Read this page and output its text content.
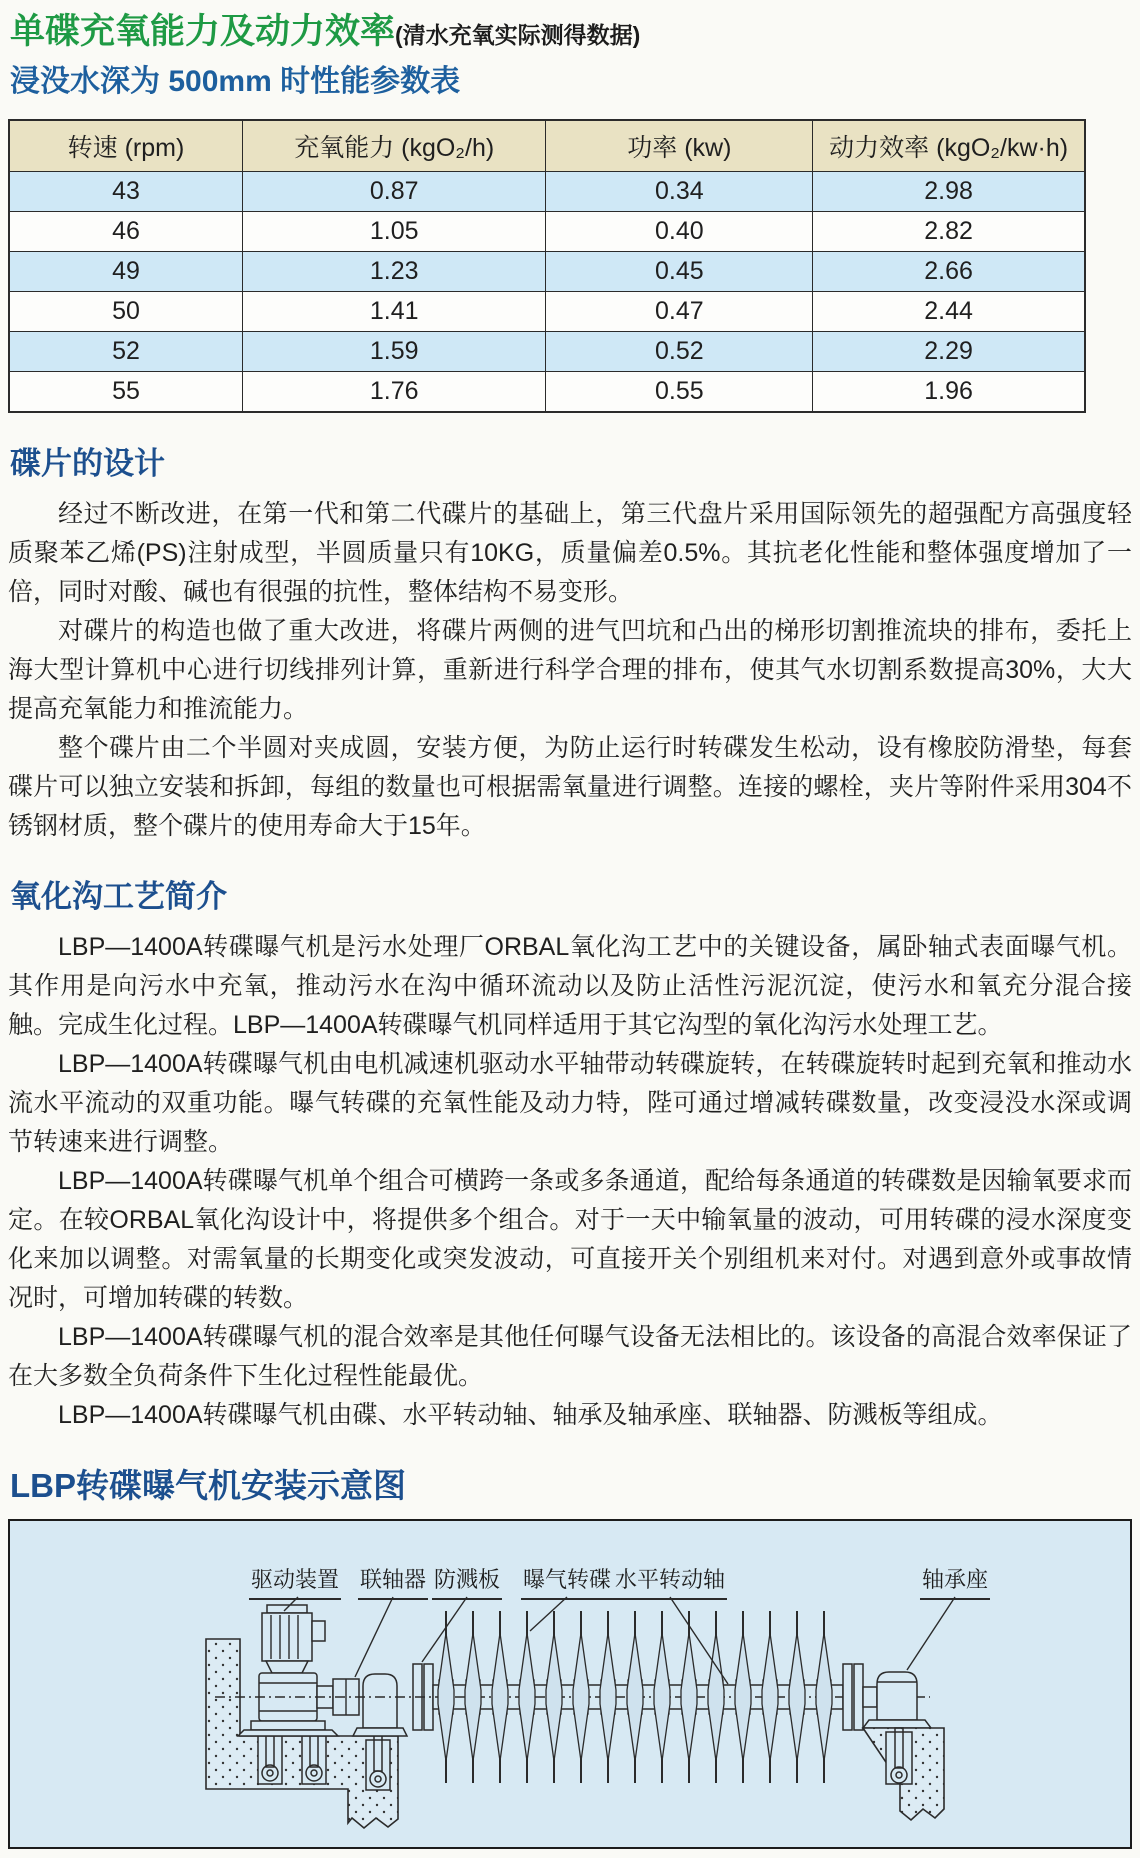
单碟充氧能力及动力效率(清水充氧实际测得数据)
浸没水深为 500mm 时性能参数表
转速 (rpm)	充氧能力 (kgO₂/h)	功率 (kw)	动力效率 (kgO₂/kw·h)
43	0.87	0.34	2.98
46	1.05	0.40	2.82
49	1.23	0.45	2.66
50	1.41	0.47	2.44
52	1.59	0.52	2.29
55	1.76	0.55	1.96
碟片的设计

经过不断改进，在第一代和第二代碟片的基础上，第三代盘片采用国际领先的超强配方高强度轻质聚苯乙烯(PS)注射成型，半圆质量只有10KG，质量偏差0.5%。其抗老化性能和整体强度增加了一倍，同时对酸、碱也有很强的抗性，整体结构不易变形。

对碟片的构造也做了重大改进，将碟片两侧的进气凹坑和凸出的梯形切割推流块的排布，委托上海大型计算机中心进行切线排列计算，重新进行科学合理的排布，使其气水切割系数提高30%，大大提高充氧能力和推流能力。

整个碟片由二个半圆对夹成圆，安装方便，为防止运行时转碟发生松动，设有橡胶防滑垫，每套碟片可以独立安装和拆卸，每组的数量也可根据需氧量进行调整。连接的螺栓，夹片等附件采用304不锈钢材质，整个碟片的使用寿命大于15年。

氧化沟工艺简介

LBP—1400A转碟曝气机是污水处理厂ORBAL氧化沟工艺中的关键设备，属卧轴式表面曝气机。其作用是向污水中充氧，推动污水在沟中循环流动以及防止活性污泥沉淀，使污水和氧充分混合接触。完成生化过程。LBP—1400A转碟曝气机同样适用于其它沟型的氧化沟污水处理工艺。

LBP—1400A转碟曝气机由电机减速机驱动水平轴带动转碟旋转，在转碟旋转时起到充氧和推动水流水平流动的双重功能。曝气转碟的充氧性能及动力特，陛可通过增减转碟数量，改变浸没水深或调节转速来进行调整。

LBP—1400A转碟曝气机单个组合可横跨一条或多条通道，配给每条通道的转碟数是因输氧要求而定。在较ORBAL氧化沟设计中，将提供多个组合。对于一天中输氧量的波动，可用转碟的浸水深度变化来加以调整。对需氧量的长期变化或突发波动，可直接开关个别组机来对付。对遇到意外或事故情况时，可增加转碟的转数。

LBP—1400A转碟曝气机的混合效率是其他任何曝气设备无法相比的。该设备的高混合效率保证了在大多数全负荷条件下生化过程性能最优。

LBP—1400A转碟曝气机由碟、水平转动轴、轴承及轴承座、联轴器、防溅板等组成。

LBP转碟曝气机安装示意图
驱动装置 联轴器 防溅板 曝气转碟 水平转动轴	轴承座
